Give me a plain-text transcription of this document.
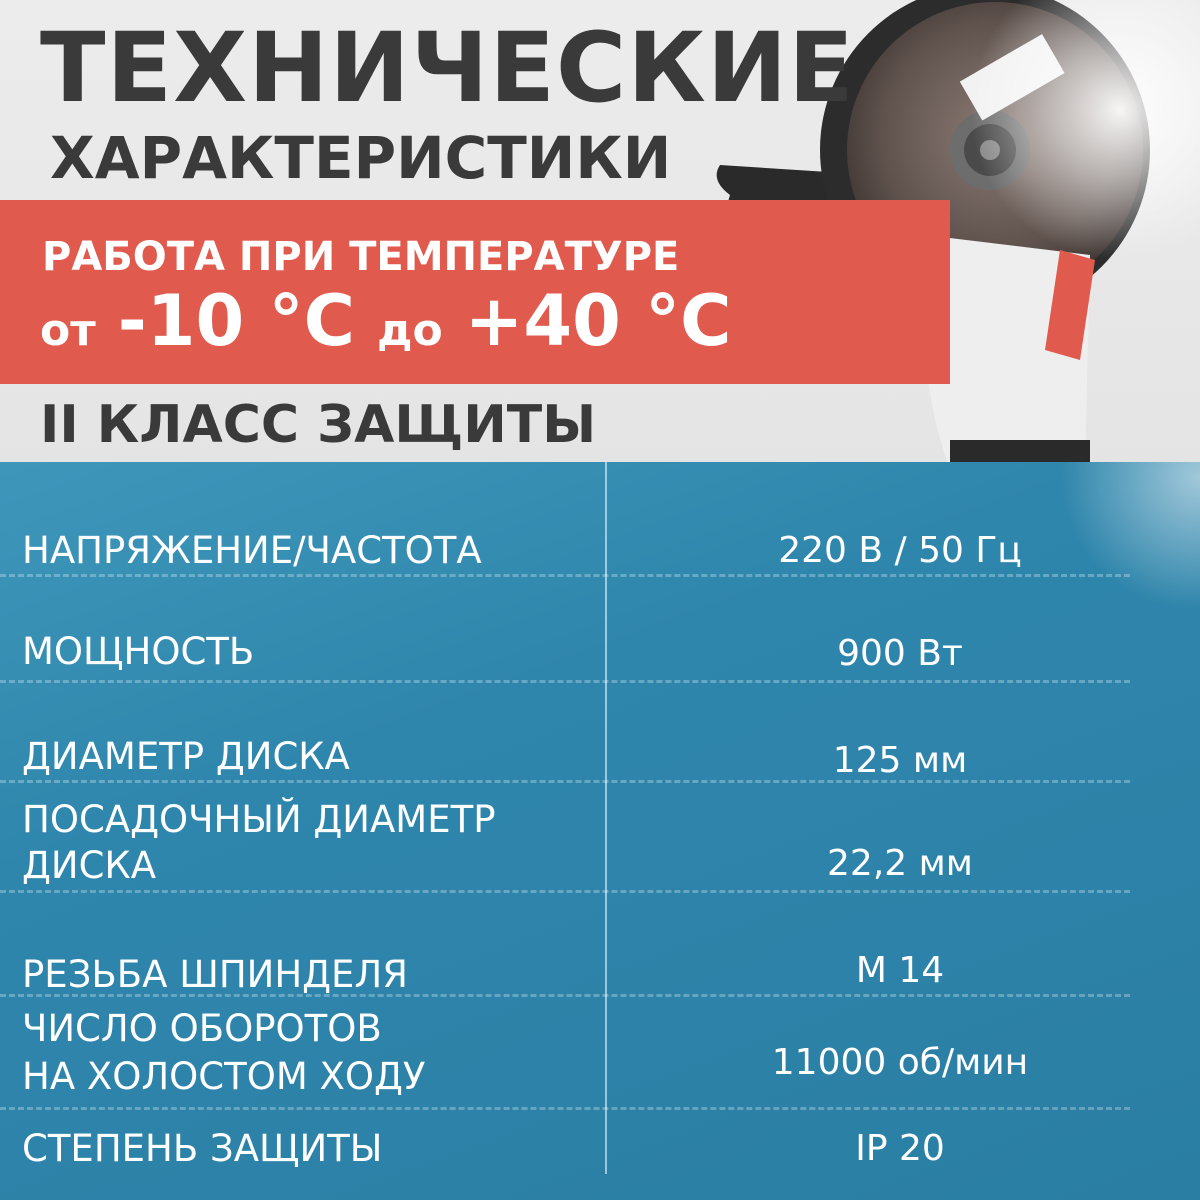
ТЕХНИЧЕСКИЕ
ХАРАКТЕРИСТИКИ
РАБОТА ПРИ ТЕМПЕРАТУРЕ
от -10 °C до +40 °C
II КЛАСС ЗАЩИТЫ
НАПРЯЖЕНИЕ/ЧАСТОТА	220 В / 50 Гц
МОЩНОСТЬ	900 Вт
ДИАМЕТР ДИСКА	125 мм
ПОСАДОЧНЫЙ ДИАМЕТР
ДИСКА	22,2 мм
РЕЗЬБА ШПИНДЕЛЯ	М 14
ЧИСЛО ОБОРОТОВ
НА ХОЛОСТОМ ХОДУ	11000 об/мин
СТЕПЕНЬ ЗАЩИТЫ	IP 20
